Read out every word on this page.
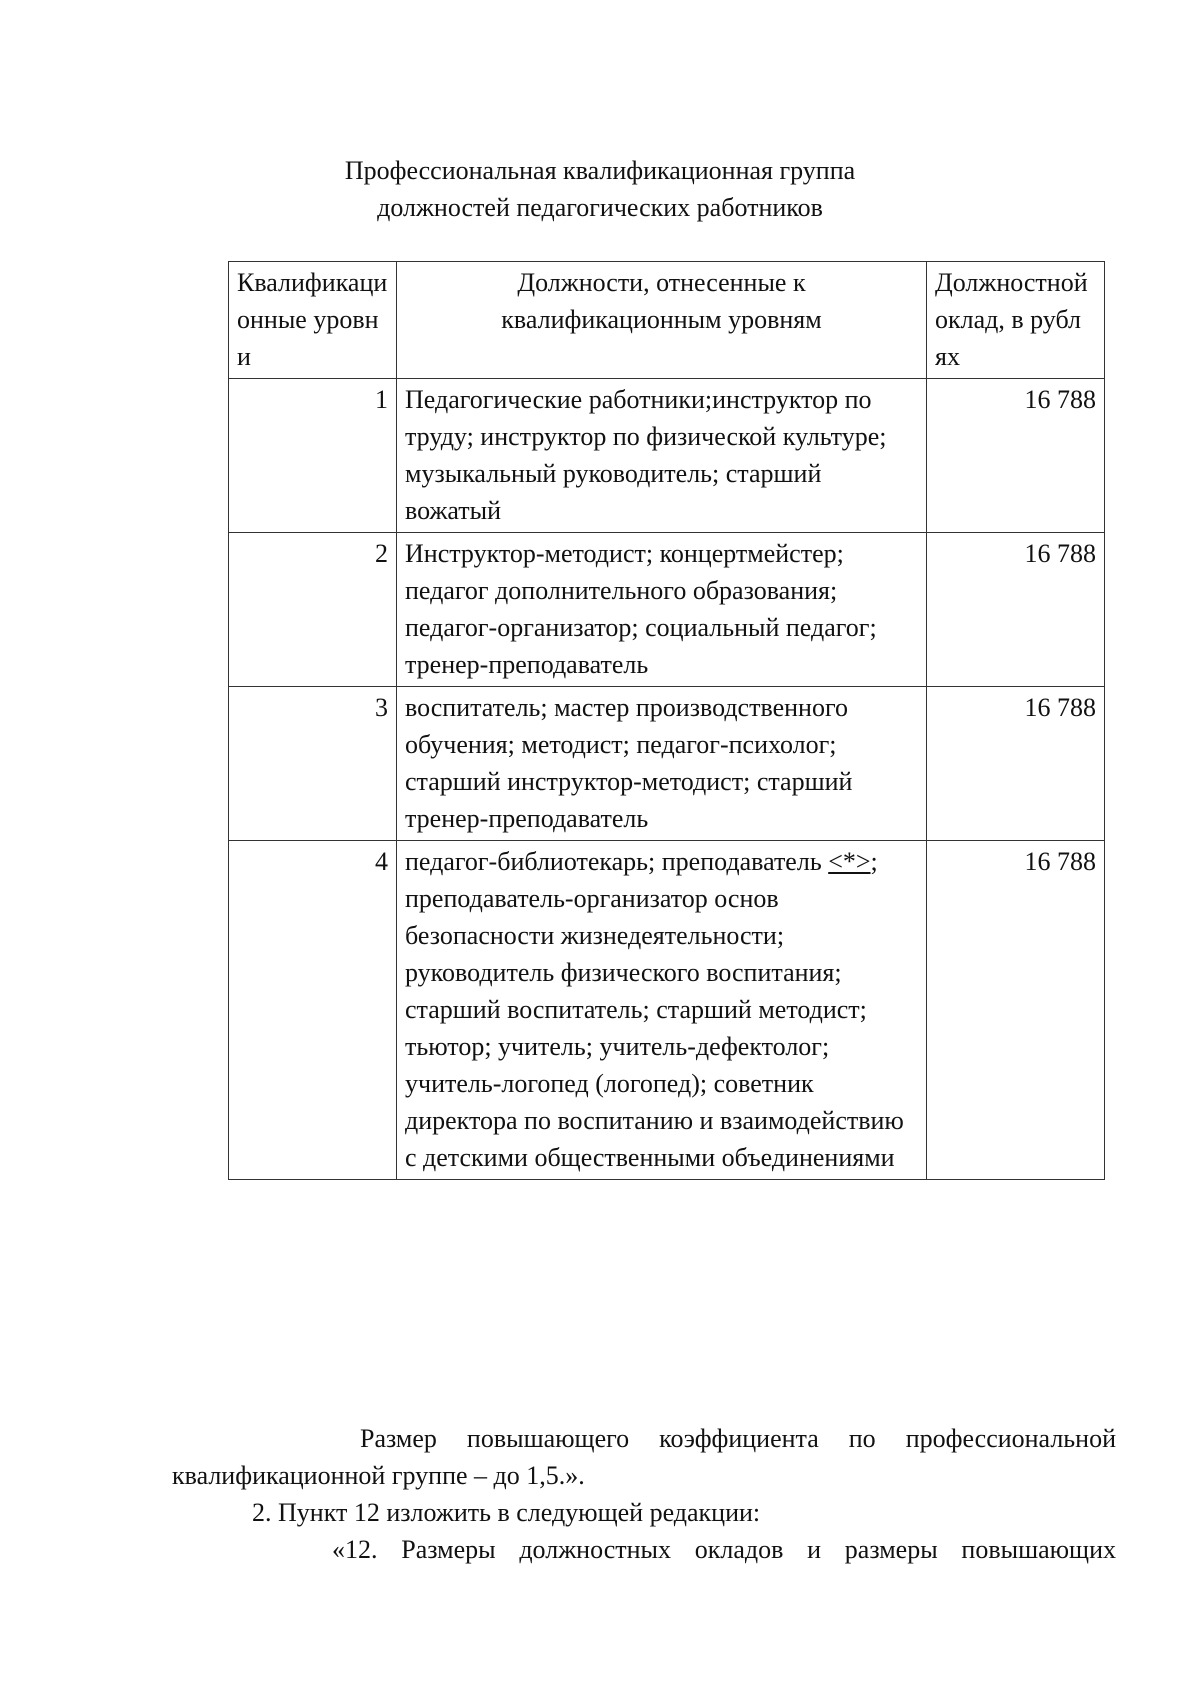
Профессиональная квалификационная группа
должностей педагогических работников
Квалификационные уровни	Должности, отнесенные к квалификационным уровням	Должностной оклад, в рублях
1	Педагогические работники;инструктор по труду; инструктор по физической культуре; музыкальный руководитель; старший вожатый	16 788
2	Инструктор-методист; концертмейстер; педагог дополнительного образования; педагог-организатор; социальный педагог; тренер-преподаватель	16 788
3	воспитатель; мастер производственного обучения; методист; педагог-психолог; старший инструктор-методист; старший тренер-преподаватель	16 788
4	педагог-библиотекарь; преподаватель <*>; преподаватель-организатор основ безопасности жизнедеятельности; руководитель физического воспитания; старший воспитатель; старший методист; тьютор; учитель; учитель-дефектолог; учитель-логопед (логопед); советник директора по воспитанию и взаимодействию с детскими общественными объединениями	16 788
Размер повышающего коэффициента по профессиональной квалификационной группе – до 1,5.».
2. Пункт 12 изложить в следующей редакции:
«12. Размеры должностных окладов и размеры повышающих
